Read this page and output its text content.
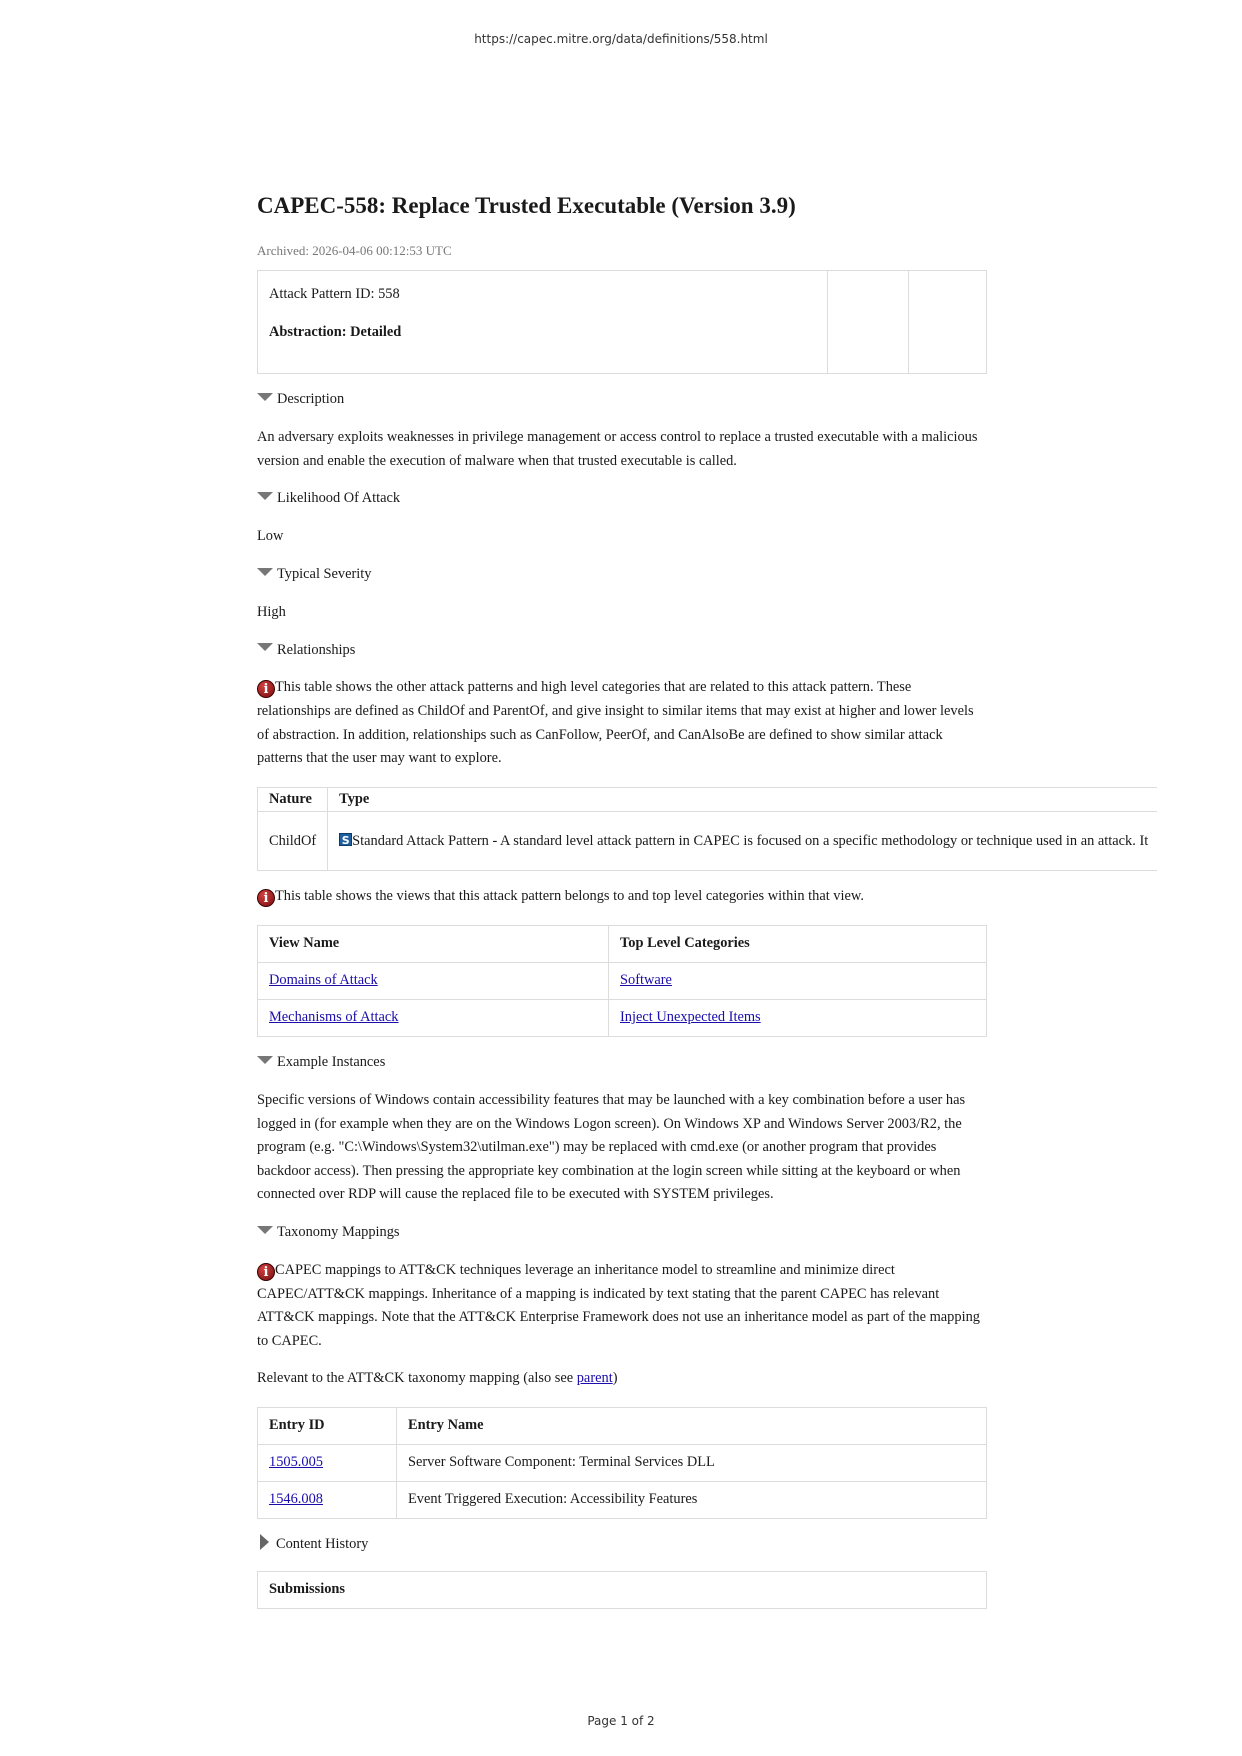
https://capec.mitre.org/data/definitions/558.html
CAPEC-558: Replace Trusted Executable (Version 3.9)
Archived: 2026-04-06 00:12:53 UTC

Attack Pattern ID: 558

Abstraction: Detailed

Description

An adversary exploits weaknesses in privilege management or access control to replace a trusted executable with a malicious version and enable the execution of malware when that trusted executable is called.

Likelihood Of Attack

Low

Typical Severity

High

Relationships

i This table shows the other attack patterns and high level categories that are related to this attack pattern. These relationships are defined as ChildOf and ParentOf, and give insight to similar items that may exist at higher and lower levels of abstraction. In addition, relationships such as CanFollow, PeerOf, and CanAlsoBe are defined to show similar attack patterns that the user may want to explore.

Nature	Type
ChildOf	S Standard Attack Pattern - A standard level attack pattern in CAPEC is focused on a specific methodology or technique used in an attack. It

i This table shows the views that this attack pattern belongs to and top level categories within that view.

View Name	Top Level Categories
Domains of Attack	Software
Mechanisms of Attack	Inject Unexpected Items
Example Instances

Specific versions of Windows contain accessibility features that may be launched with a key combination before a user has logged in (for example when they are on the Windows Logon screen). On Windows XP and Windows Server 2003/R2, the program (e.g. "C:\Windows\System32\utilman.exe") may be replaced with cmd.exe (or another program that provides backdoor access). Then pressing the appropriate key combination at the login screen while sitting at the keyboard or when connected over RDP will cause the replaced file to be executed with SYSTEM privileges.

Taxonomy Mappings

i CAPEC mappings to ATT&CK techniques leverage an inheritance model to streamline and minimize direct CAPEC/ATT&CK mappings. Inheritance of a mapping is indicated by text stating that the parent CAPEC has relevant ATT&CK mappings. Note that the ATT&CK Enterprise Framework does not use an inheritance model as part of the mapping to CAPEC.

Relevant to the ATT&CK taxonomy mapping (also see parent)

Entry ID	Entry Name
1505.005	Server Software Component: Terminal Services DLL
1546.008	Event Triggered Execution: Accessibility Features
Content History
Submissions
Page 1 of 2
